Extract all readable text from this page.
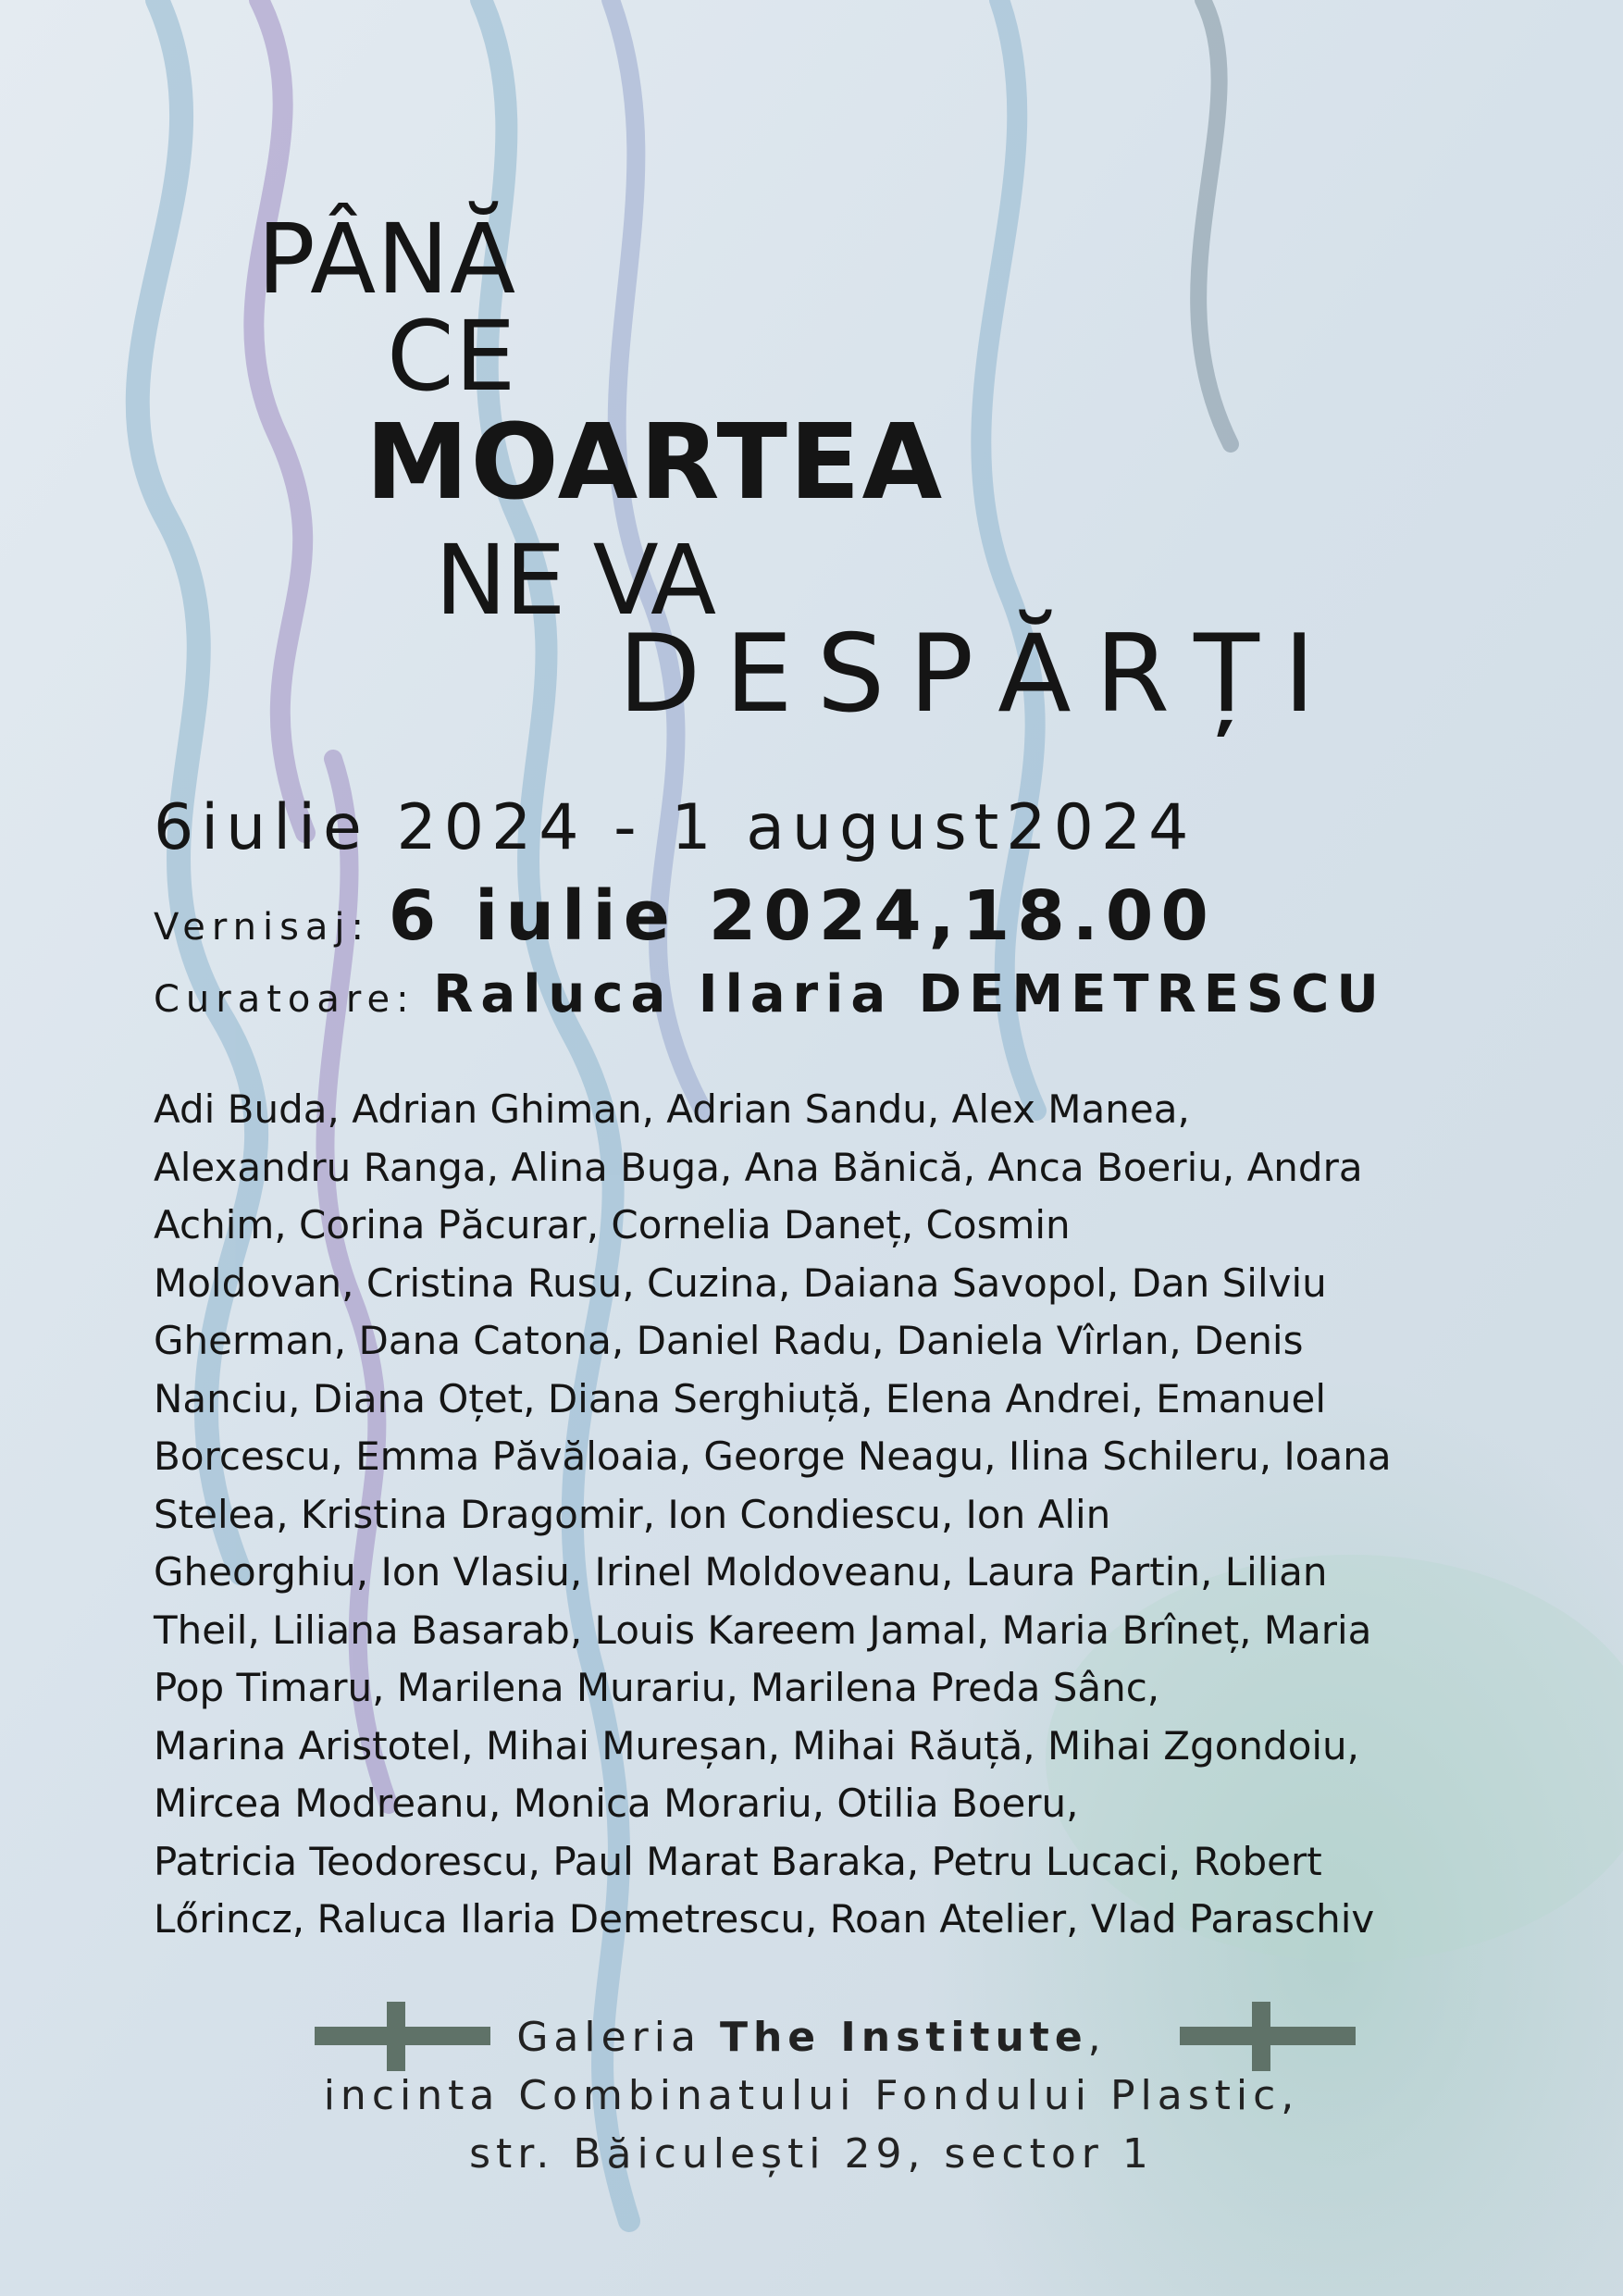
PÂNĂ
CE
MOARTEA
NE VA
DESPĂRȚI
6iulie 2024 - 1 august2024
Vernisaj: 6 iulie 2024,18.00
Curatoare: Raluca Ilaria DEMETRESCU
Adi Buda, Adrian Ghiman, Adrian Sandu, Alex Manea,
Alexandru Ranga, Alina Buga, Ana Bănică, Anca Boeriu, Andra
Achim, Corina Păcurar, Cornelia Daneț, Cosmin
Moldovan, Cristina Rusu, Cuzina, Daiana Savopol, Dan Silviu
Gherman, Dana Catona, Daniel Radu, Daniela Vîrlan, Denis
Nanciu, Diana Oțet, Diana Serghiuță, Elena Andrei, Emanuel
Borcescu, Emma Păvăloaia, George Neagu, Ilina Schileru, Ioana
Stelea, Kristina Dragomir, Ion Condiescu, Ion Alin
Gheorghiu, Ion Vlasiu, Irinel Moldoveanu, Laura Partin, Lilian
Theil, Liliana Basarab, Louis Kareem Jamal, Maria Brîneț, Maria
Pop Timaru, Marilena Murariu, Marilena Preda Sânc,
Marina Aristotel, Mihai Mureșan, Mihai Răuță, Mihai Zgondoiu,
Mircea Modreanu, Monica Morariu, Otilia Boeru,
Patricia Teodorescu, Paul Marat Baraka, Petru Lucaci, Robert
Lőrincz, Raluca Ilaria Demetrescu, Roan Atelier, Vlad Paraschiv
Galeria The Institute,
incinta Combinatului Fondului Plastic,
str. Băiculești 29, sector 1
